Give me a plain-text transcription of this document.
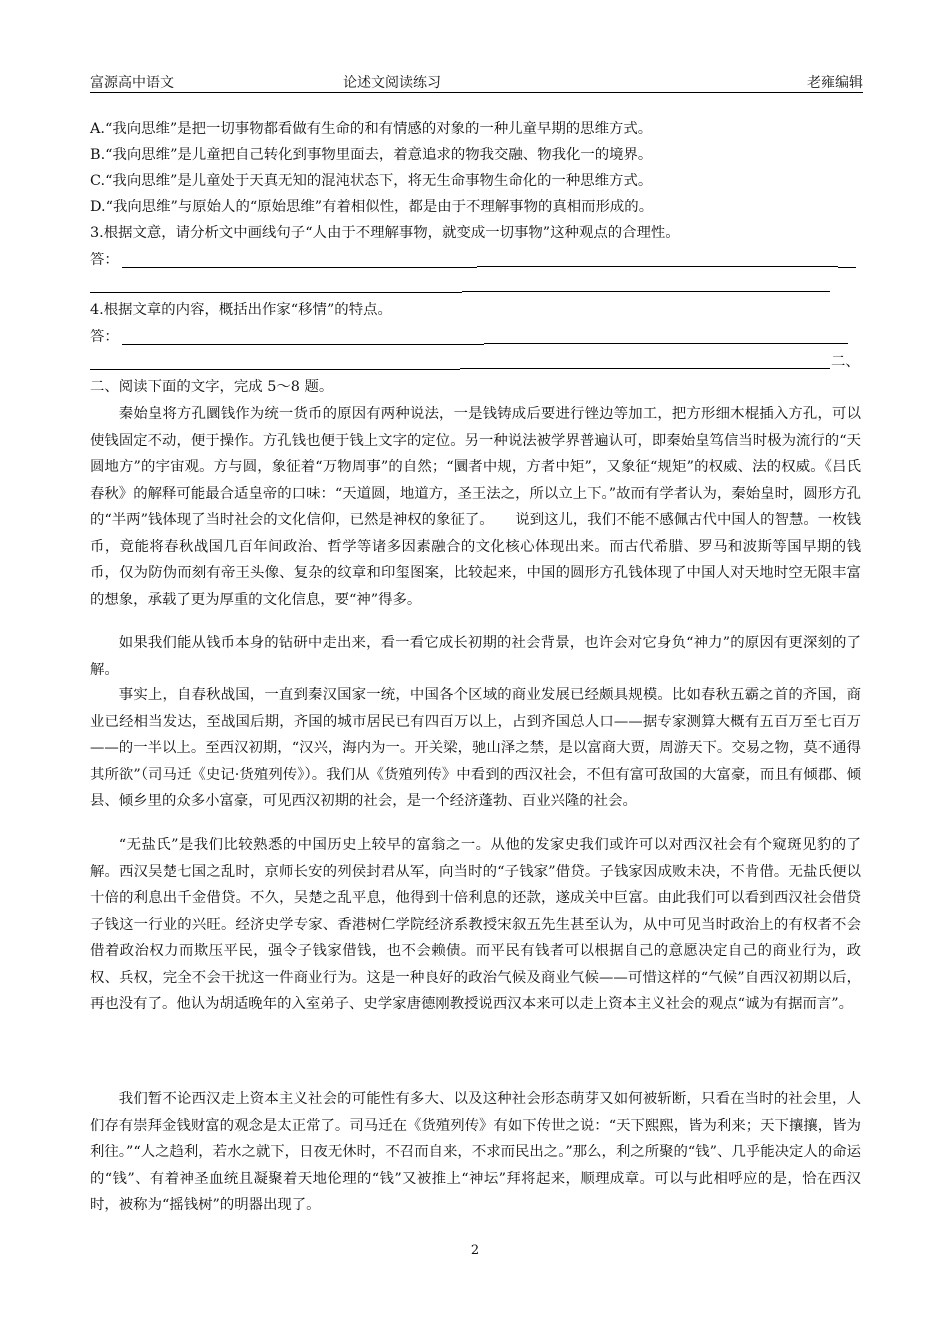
富源高中语文	论述文阅读练习	老雍编辑
A.“我向思维”是把一切事物都看做有生命的和有情感的对象的一种儿童早期的思维方式。
B.“我向思维”是儿童把自己转化到事物里面去，着意追求的物我交融、物我化一的境界。
C.“我向思维”是儿童处于天真无知的混沌状态下，将无生命事物生命化的一种思维方式。
D.“我向思维”与原始人的“原始思维”有着相似性，都是由于不理解事物的真相而形成的。
3.根据文意，请分析文中画线句子“人由于不理解事物，就变成一切事物”这种观点的合理性。
答：
4.根据文章的内容，概括出作家“移情”的特点。
答：
二、
二、阅读下面的文字，完成 5～8 题。

秦始皇将方孔圜钱作为统一货币的原因有两种说法，一是钱铸成后要进行锉边等加工，把方形细木棍插入方孔，可以使钱固定不动，便于操作。方孔钱也便于钱上文字的定位。另一种说法被学界普遍认可，即秦始皇笃信当时极为流行的“天圆地方”的宇宙观。方与圆，象征着“万物周事”的自然；“圜者中规，方者中矩”，又象征“规矩”的权威、法的权威。《吕氏春秋》的解释可能最合适皇帝的口味：“天道圆，地道方，圣王法之，所以立上下。”故而有学者认为，秦始皇时，圆形方孔的“半两”钱体现了当时社会的文化信仰，已然是神权的象征了。　　说到这儿，我们不能不感佩古代中国人的智慧。一枚钱币，竟能将春秋战国几百年间政治、哲学等诸多因素融合的文化核心体现出来。而古代希腊、罗马和波斯等国早期的钱币，仅为防伪而刻有帝王头像、复杂的纹章和印玺图案，比较起来，中国的圆形方孔钱体现了中国人对天地时空无限丰富的想象，承载了更为厚重的文化信息，要“神”得多。

如果我们能从钱币本身的钻研中走出来，看一看它成长初期的社会背景，也许会对它身负“神力”的原因有更深刻的了解。

事实上，自春秋战国，一直到秦汉国家一统，中国各个区域的商业发展已经颇具规模。比如春秋五霸之首的齐国，商业已经相当发达，至战国后期，齐国的城市居民已有四百万以上，占到齐国总人口——据专家测算大概有五百万至七百万——的一半以上。至西汉初期，“汉兴，海内为一。开关梁，驰山泽之禁，是以富商大贾，周游天下。交易之物，莫不通得其所欲”（司马迁《史记·货殖列传》）。我们从《货殖列传》中看到的西汉社会，不但有富可敌国的大富豪，而且有倾郡、倾县、倾乡里的众多小富豪，可见西汉初期的社会，是一个经济蓬勃、百业兴隆的社会。

“无盐氏”是我们比较熟悉的中国历史上较早的富翁之一。从他的发家史我们或许可以对西汉社会有个窥斑见豹的了解。西汉吴楚七国之乱时，京师长安的列侯封君从军，向当时的“子钱家”借贷。子钱家因成败未决，不肯借。无盐氏便以十倍的利息出千金借贷。不久，吴楚之乱平息，他得到十倍利息的还款，遂成关中巨富。由此我们可以看到西汉社会借贷子钱这一行业的兴旺。经济史学专家、香港树仁学院经济系教授宋叙五先生甚至认为，从中可见当时政治上的有权者不会借着政治权力而欺压平民，强令子钱家借钱，也不会赖债。而平民有钱者可以根据自己的意愿决定自己的商业行为，政权、兵权，完全不会干扰这一件商业行为。这是一种良好的政治气候及商业气候——可惜这样的“气候”自西汉初期以后，再也没有了。他认为胡适晚年的入室弟子、史学家唐德刚教授说西汉本来可以走上资本主义社会的观点“诚为有据而言”。

我们暂不论西汉走上资本主义社会的可能性有多大、以及这种社会形态萌芽又如何被斩断，只看在当时的社会里，人们存有崇拜金钱财富的观念是太正常了。司马迁在《货殖列传》有如下传世之说：“天下熙熙，皆为利来；天下攘攘，皆为利往。”“人之趋利，若水之就下，日夜无休时，不召而自来，不求而民出之。”那么，利之所聚的“钱”、几乎能决定人的命运的“钱”、有着神圣血统且凝聚着天地伦理的“钱”又被推上“神坛”拜将起来，顺理成章。可以与此相呼应的是，恰在西汉时，被称为“摇钱树”的明器出现了。

2
